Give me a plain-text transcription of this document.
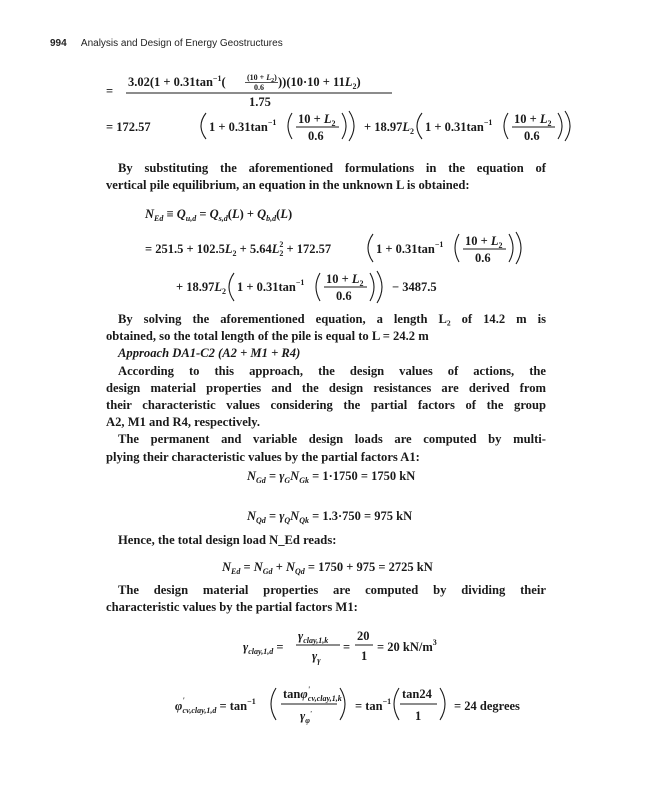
994 Analysis and Design of Energy Geostructures
By substituting the aforementioned formulations in the equation of
vertical pile equilibrium, an equation in the unknown L is obtained:
By solving the aforementioned equation, a length L₂ of 14.2 m is
obtained, so the total length of the pile is equal to L = 24.2 m
Approach DA1-C2 (A2 + M1 + R4)
According to this approach, the design values of actions, the
design material properties and the design resistances are derived from
their characteristic values considering the partial factors of the group
A2, M1 and R4, respectively.
The permanent and variable design loads are computed by multi-
plying their characteristic values by the partial factors A1:
Hence, the total design load N_Ed reads:
The design material properties are computed by dividing their
characteristic values by the partial factors M1:
=
$3.02(1 + 0.31\tan^{-1}$(	$(10 + L_2)$
0.6 ))$(10\cdot 10 + 11L_2)$
1.75
= 172.57	$1 + 0.31\tan^{-1}$ $10 + L_2$
0.6
+ $18.97L_2$ $1 + 0.31\tan^{-1}$ $10 + L_2$
0.6
$N_{Ed} \equiv Q_{u,d} = Q_{s,d}(L) + Q_{b,d}(L)$
= $251.5 + 102.5L_2 + 5.64L^2$ 2 + 172.57	$1 + 0.31\tan^{-1}$ $10 + L_2$
0.6
+ $18.97L_2$ $1 + 0.31\tan^{-1}$ $10 + L_2$
0.6
− 3487.5
$N_{Gd} = \gamma_GN_{Gk} = 1\cdot 1750 = 1750$ kN
$N_{Qd} = \gamma_QN_{Qk} = 1.3\cdot 750 = 975$ kN
$N_{Ed} = N_{Gd} + N_{Qd} = 1750 + 975 = 2725$ kN
$\gamma_{clay,1,d}$ =
$\gamma_{clay,1,k}$
$\gamma_\gamma$
=
20
1
= 20 $kN/m^3$
φ' cv,clay,1,d = $\tan^{-1}$
tanφ' cv,clay,1,k
$\gamma_\varphi'$
= $\tan^{-1}$
tan24
1
= 24 degrees
